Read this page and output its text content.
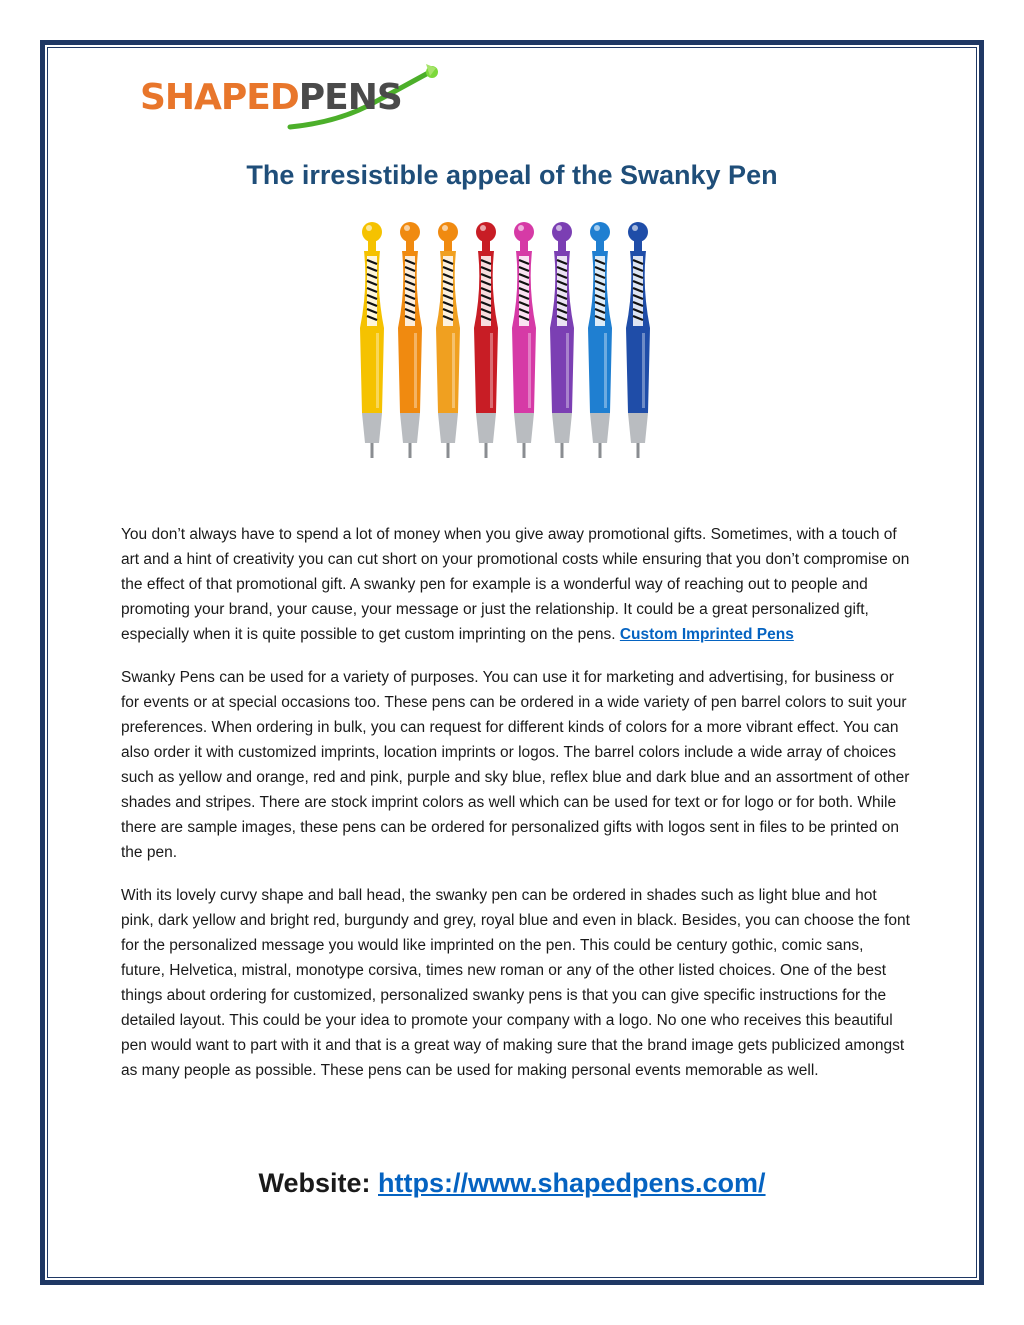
SHAPEDPENS
The irresistible appeal of the Swanky Pen

You don’t always have to spend a lot of money when you give away promotional gifts. Sometimes, with a touch of art and a hint of creativity you can cut short on your promotional costs while ensuring that you don’t compromise on the effect of that promotional gift. A swanky pen for example is a wonderful way of reaching out to people and promoting your brand, your cause, your message or just the relationship. It could be a great personalized gift, especially when it is quite possible to get custom imprinting on the pens. Custom Imprinted Pens

Swanky Pens can be used for a variety of purposes. You can use it for marketing and advertising, for business or for events or at special occasions too. These pens can be ordered in a wide variety of pen barrel colors to suit your preferences. When ordering in bulk, you can request for different kinds of colors for a more vibrant effect. You can also order it with customized imprints, location imprints or logos. The barrel colors include a wide array of choices such as yellow and orange, red and pink, purple and sky blue, reflex blue and dark blue and an assortment of other shades and stripes. There are stock imprint colors as well which can be used for text or for logo or for both. While there are sample images, these pens can be ordered for personalized gifts with logos sent in files to be printed on the pen.

With its lovely curvy shape and ball head, the swanky pen can be ordered in shades such as light blue and hot pink, dark yellow and bright red, burgundy and grey, royal blue and even in black. Besides, you can choose the font for the personalized message you would like imprinted on the pen. This could be century gothic, comic sans, future, Helvetica, mistral, monotype corsiva, times new roman or any of the other listed choices. One of the best things about ordering for customized, personalized swanky pens is that you can give specific instructions for the detailed layout. This could be your idea to promote your company with a logo. No one who receives this beautiful pen would want to part with it and that is a great way of making sure that the brand image gets publicized amongst as many people as possible. These pens can be used for making personal events memorable as well.

Website: https://www.shapedpens.com/
